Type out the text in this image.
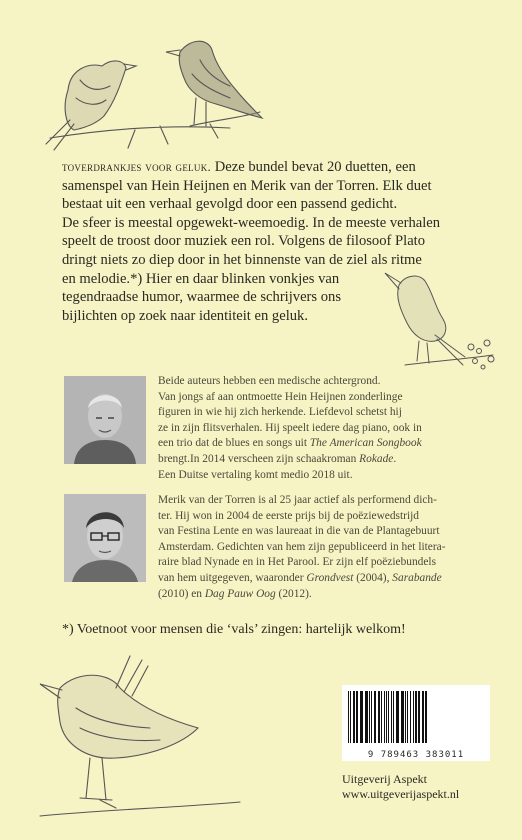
toverdrankjes voor geluk. Deze bundel bevat 20 duetten, een

samenspel van Hein Heijnen en Merik van der Torren. Elk duet

bestaat uit een verhaal gevolgd door een passend gedicht.

De sfeer is meestal opgewekt-weemoedig. In de meeste verhalen

speelt de troost door muziek een rol. Volgens de filosoof Plato

dringt niets zo diep door in het binnenste van de ziel als ritme

en melodie.*) Hier en daar blinken vonkjes van

tegendraadse humor, waarmee de schrijvers ons

bijlichten op zoek naar identiteit en geluk.

Beide auteurs hebben een medische achtergrond.

Van jongs af aan ontmoette Hein Heijnen zonderlinge

figuren in wie hij zich herkende. Liefdevol schetst hij

ze in zijn flitsverhalen. Hij speelt iedere dag piano, ook in

een trio dat de blues en songs uit The American Songbook

brengt.In 2014 verscheen zijn schaakroman Rokade.

Een Duitse vertaling komt medio 2018 uit.

Merik van der Torren is al 25 jaar actief als performend dich-

ter. Hij won in 2004 de eerste prijs bij de poëziewedstrijd

van Festina Lente en was laureaat in die van de Plantagebuurt

Amsterdam. Gedichten van hem zijn gepubliceerd in het litera-

raire blad Nynade en in Het Parool. Er zijn elf poëziebundels

van hem uitgegeven, waaronder Grondvest (2004), Sarabande

(2010) en Dag Pauw Oog (2012).

*) Voetnoot voor mensen die ‘vals’ zingen: hartelijk welkom!
9 789463 383011
Uitgeverij Aspekt
www.uitgeverijaspekt.nl
